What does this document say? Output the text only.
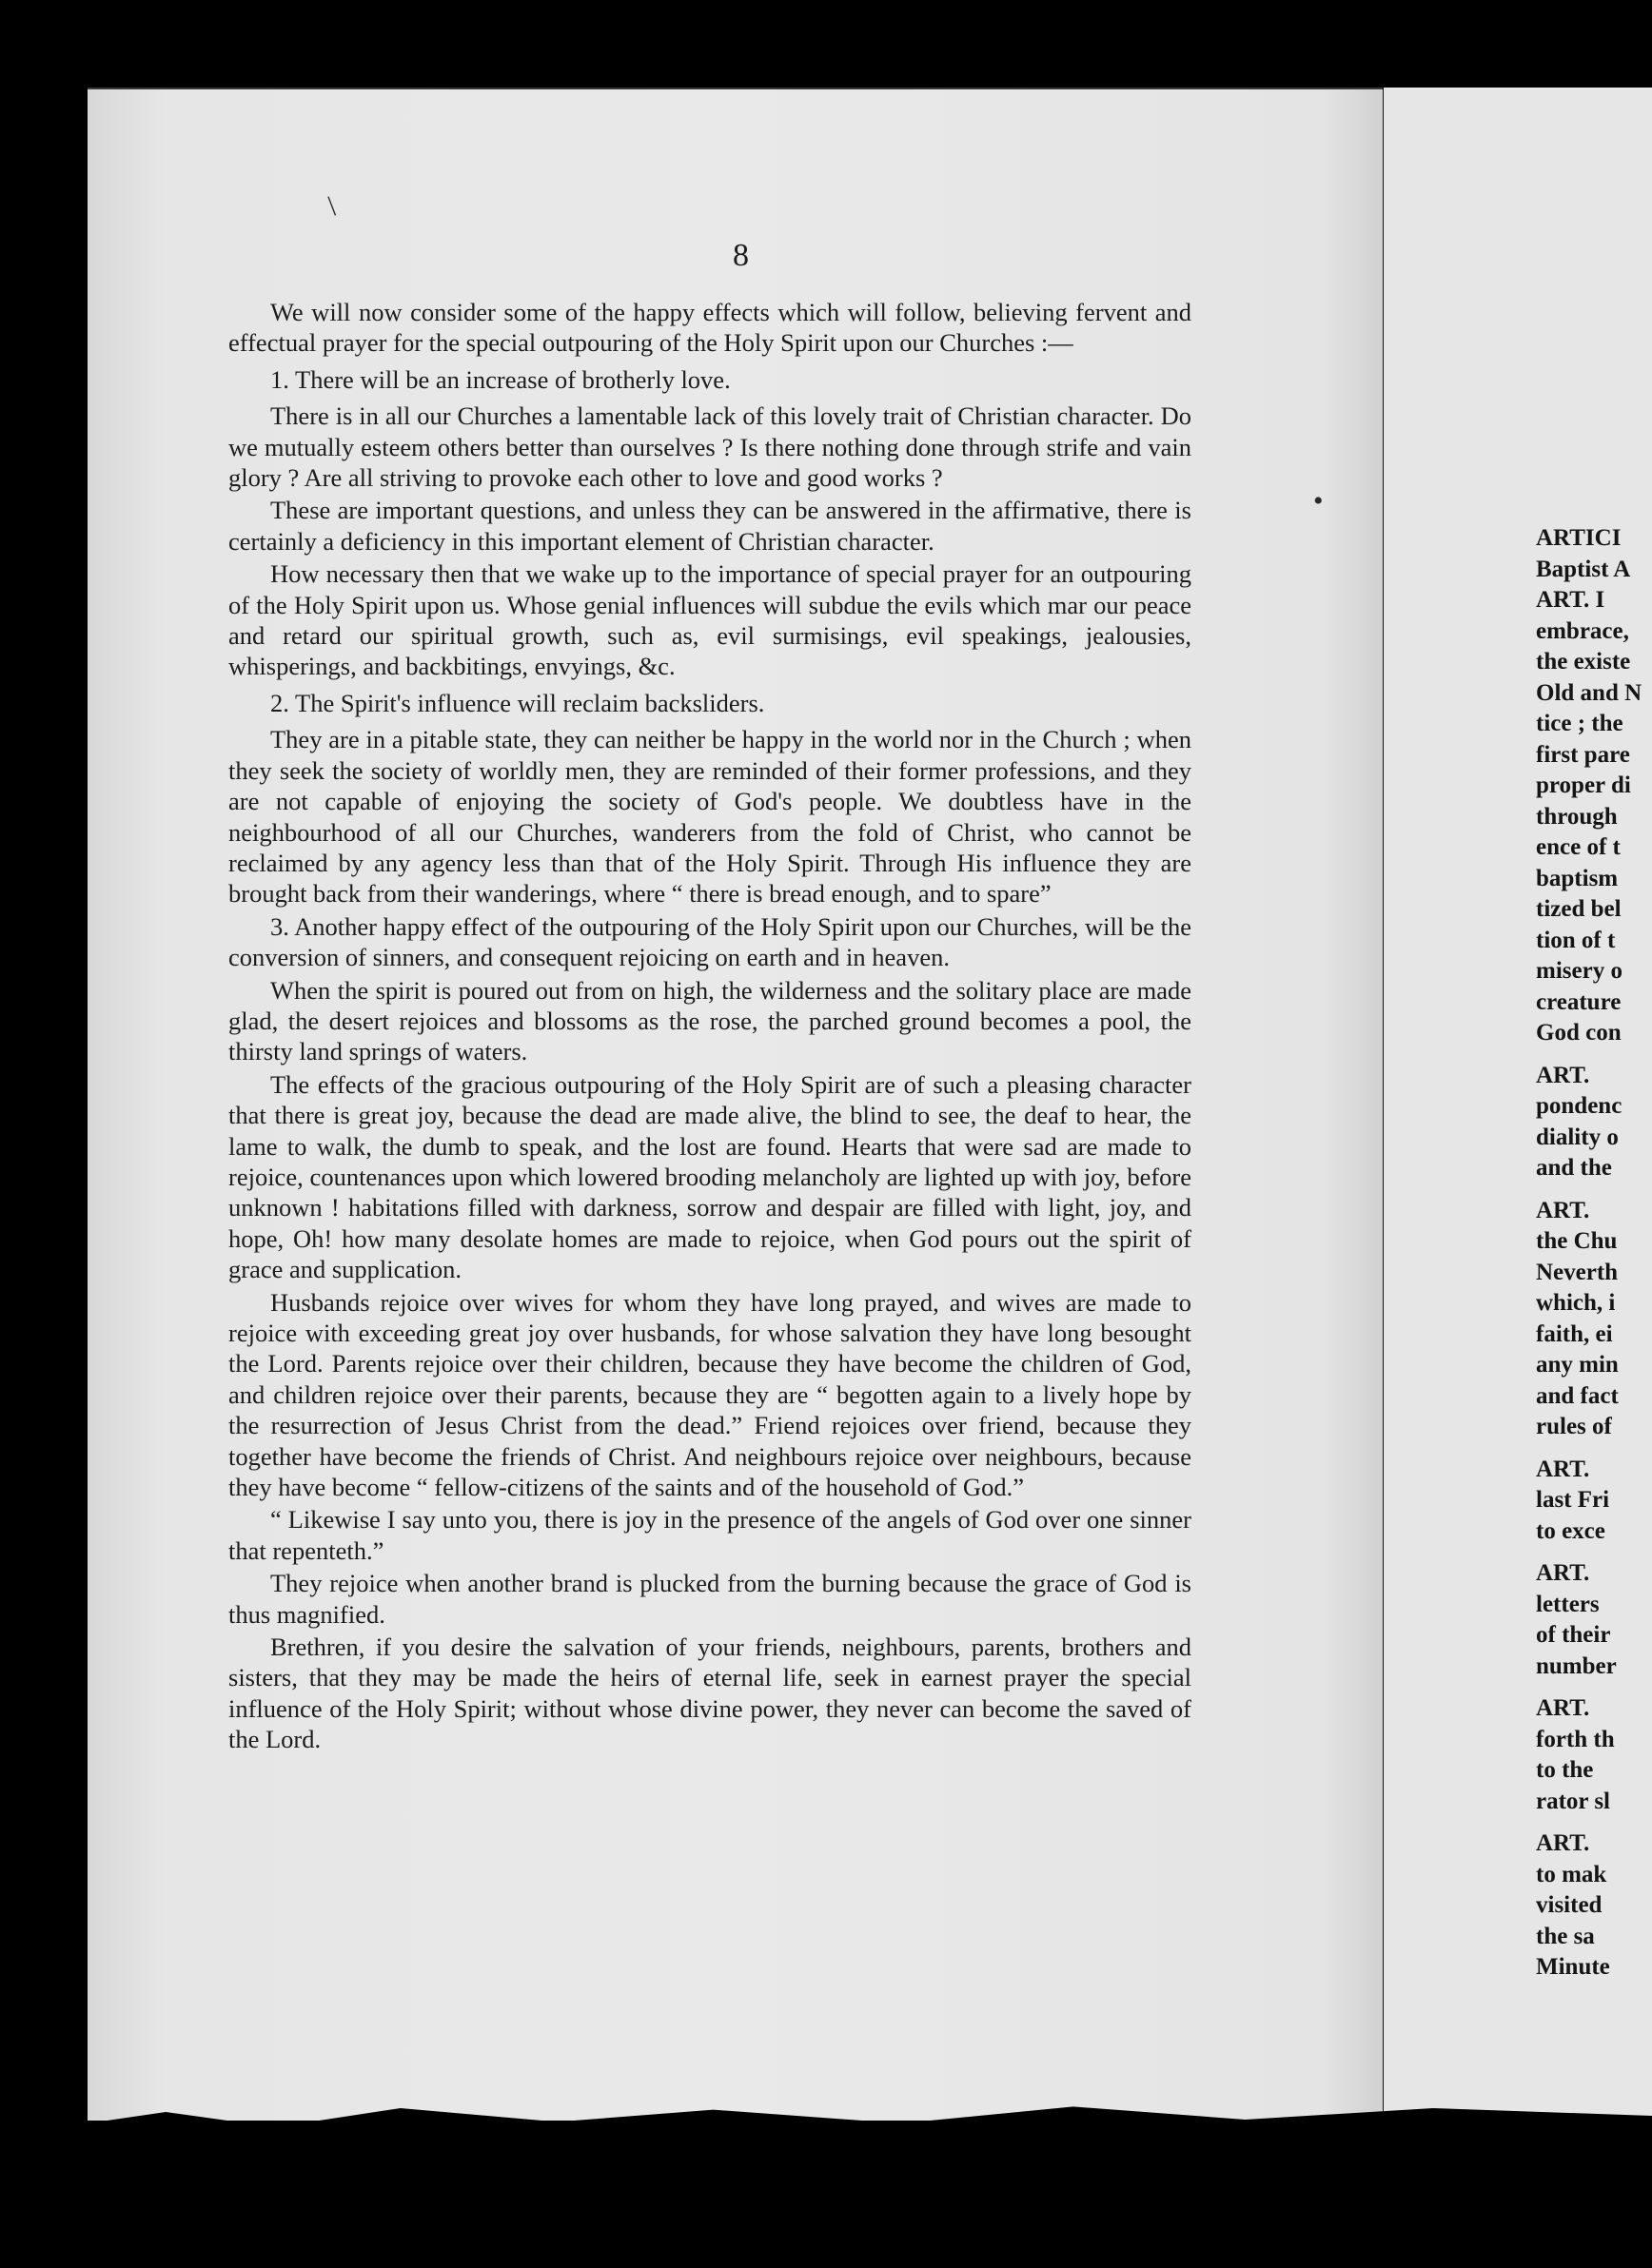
8

We will now consider some of the happy effects which will follow, believing fervent and effectual prayer for the special outpouring of the Holy Spirit upon our Churches :—

1. There will be an increase of brotherly love.

There is in all our Churches a lamentable lack of this lovely trait of Christian character. Do we mutually esteem others better than ourselves ? Is there nothing done through strife and vain glory ? Are all striving to provoke each other to love and good works ?

These are important questions, and unless they can be answered in the affirmative, there is certainly a deficiency in this important element of Christian character.

How necessary then that we wake up to the importance of special prayer for an outpouring of the Holy Spirit upon us. Whose genial influences will subdue the evils which mar our peace and retard our spiritual growth, such as, evil surmisings, evil speakings, jealousies, whisperings, and backbitings, envyings, &c.

2. The Spirit's influence will reclaim backsliders.

They are in a pitable state, they can neither be happy in the world nor in the Church ; when they seek the society of worldly men, they are reminded of their former professions, and they are not capable of enjoying the society of God's people. We doubtless have in the neighbourhood of all our Churches, wanderers from the fold of Christ, who cannot be reclaimed by any agency less than that of the Holy Spirit. Through His influence they are brought back from their wanderings, where “ there is bread enough, and to spare”

3. Another happy effect of the outpouring of the Holy Spirit upon our Churches, will be the conversion of sinners, and consequent rejoicing on earth and in heaven.

When the spirit is poured out from on high, the wilderness and the solitary place are made glad, the desert rejoices and blossoms as the rose, the parched ground becomes a pool, the thirsty land springs of waters.

The effects of the gracious outpouring of the Holy Spirit are of such a pleasing character that there is great joy, because the dead are made alive, the blind to see, the deaf to hear, the lame to walk, the dumb to speak, and the lost are found. Hearts that were sad are made to rejoice, countenances upon which lowered brooding melancholy are lighted up with joy, before unknown ! habitations filled with darkness, sorrow and despair are filled with light, joy, and hope, Oh! how many desolate homes are made to rejoice, when God pours out the spirit of grace and supplication.

Husbands rejoice over wives for whom they have long prayed, and wives are made to rejoice with exceeding great joy over husbands, for whose salvation they have long besought the Lord. Parents rejoice over their children, because they have become the children of God, and children rejoice over their parents, because they are “ begotten again to a lively hope by the resurrection of Jesus Christ from the dead.” Friend rejoices over friend, because they together have become the friends of Christ. And neighbours rejoice over neighbours, because they have become “ fellow-citizens of the saints and of the household of God.”

“ Likewise I say unto you, there is joy in the presence of the angels of God over one sinner that repenteth.”

They rejoice when another brand is plucked from the burning because the grace of God is thus magnified.

Brethren, if you desire the salvation of your friends, neighbours, parents, brothers and sisters, that they may be made the heirs of eternal life, seek in earnest prayer the special influence of the Holy Spirit; without whose divine power, they never can become the saved of the Lord.

ARTICI
Baptist A
ART. I
embrace,
the existe
Old and N
tice ; the
first pare
proper di
through
ence of t
baptism
tized bel
tion of t
misery o
creature
God con
ART.
pondenc
diality o
and the
ART.
the Chu
Neverth
which, i
faith, ei
any min
and fact
rules of
ART.
last Fri
to exce
ART.
letters
of their
number
ART.
forth th
to the
rator sl
ART.
to mak
visited
the sa
Minute
/
•
